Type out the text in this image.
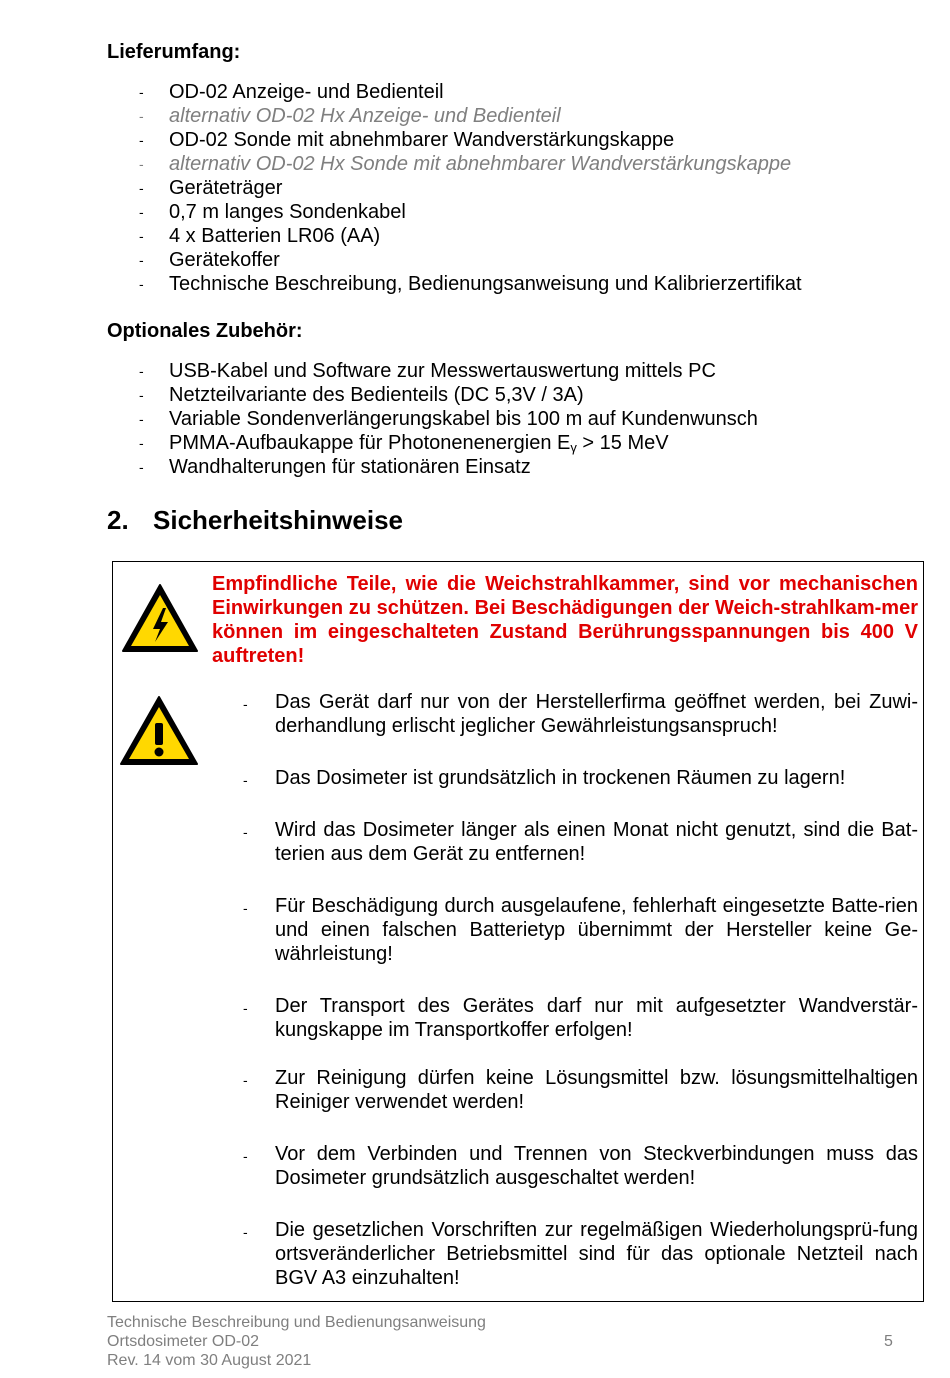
Lieferumfang:
- OD-02 Anzeige- und Bedienteil
- alternativ OD-02 Hx Anzeige- und Bedienteil
- OD-02 Sonde mit abnehmbarer Wandverstärkungskappe
- alternativ OD-02 Hx Sonde mit abnehmbarer Wandverstärkungskappe
- Geräteträger
- 0,7 m langes Sondenkabel
- 4 x Batterien LR06 (AA)
- Gerätekoffer
- Technische Beschreibung, Bedienungsanweisung und Kalibrierzertifikat
Optionales Zubehör:
- USB-Kabel und Software zur Messwertauswertung mittels PC
- Netzteilvariante des Bedienteils (DC 5,3V / 3A)
- Variable Sondenverlängerungskabel bis 100 m auf Kundenwunsch
- PMMA-Aufbaukappe für Photonenenergien Eγ > 15 MeV
- Wandhalterungen für stationären Einsatz
2. Sicherheitshinweise

Empfindliche Teile, wie die Weichstrahlkammer, sind vor mechanischen Einwirkungen zu schützen. Bei Beschädigungen der Weich-strahlkam-mer können im eingeschalteten Zustand Berührungsspannungen bis 400 V auftreten!

- Das Gerät darf nur von der Herstellerfirma geöffnet werden, bei Zuwi-derhandlung erlischt jeglicher Gewährleistungsanspruch!
- Das Dosimeter ist grundsätzlich in trockenen Räumen zu lagern!
- Wird das Dosimeter länger als einen Monat nicht genutzt, sind die Bat-terien aus dem Gerät zu entfernen!
- Für Beschädigung durch ausgelaufene, fehlerhaft eingesetzte Batte-rien und einen falschen Batterietyp übernimmt der Hersteller keine Ge-währleistung!
- Der Transport des Gerätes darf nur mit aufgesetzter Wandverstär-kungskappe im Transportkoffer erfolgen!
- Zur Reinigung dürfen keine Lösungsmittel bzw. lösungsmittelhaltigen Reiniger verwendet werden!
- Vor dem Verbinden und Trennen von Steckverbindungen muss das Dosimeter grundsätzlich ausgeschaltet werden!
- Die gesetzlichen Vorschriften zur regelmäßigen Wiederholungsprü-fung ortsveränderlicher Betriebsmittel sind für das optionale Netzteil nach BGV A3 einzuhalten!
Technische Beschreibung und Bedienungsanweisung
Ortsdosimeter OD-02
Rev. 14 vom 30 August 2021
5
